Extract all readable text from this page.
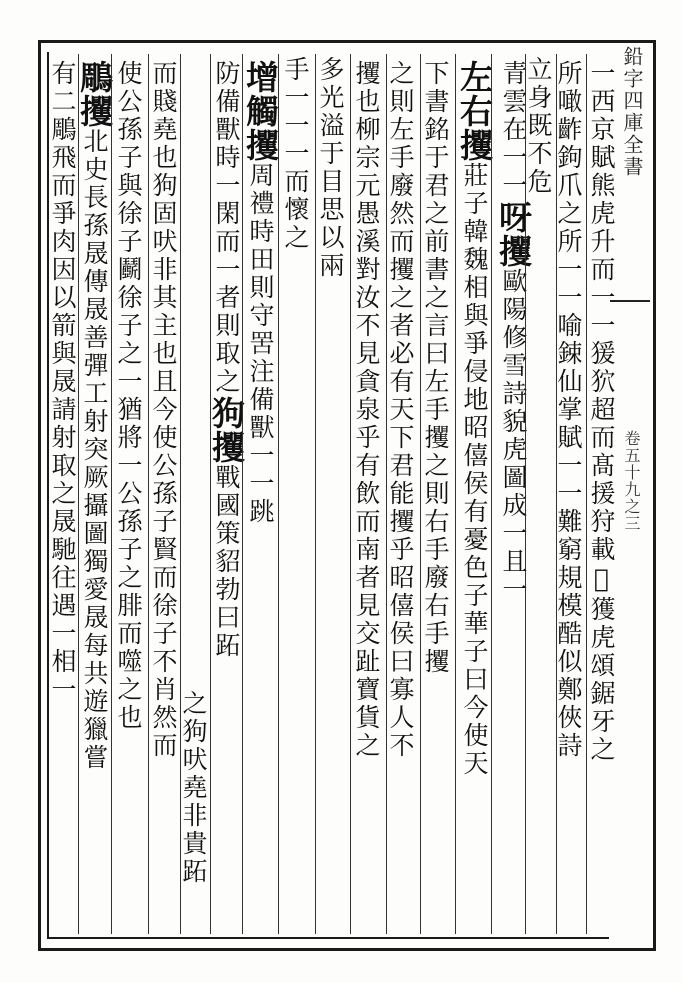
鉛字四庫全書
卷五十九之三
一西京賦熊虎升而一一猨狖超而髙援狩載𠲔獲虎頌鋸牙之
所噉齚鉤爪之所一一喻鋉仙掌賦一一難窮規模酷似鄭俠詩
立身既不危
青雲在一一呀攫歐陽修雪詩貌虎圖成一且一
左右攫莊子韓魏相與爭侵地昭僖侯有憂色子華子曰今使天
下書銘于君之前書之言曰左手攫之則右手廢右手攫
之則左手廢然而攫之者必有天下君能攫乎昭僖侯曰寡人不
攫也柳宗元愚溪對汝不見貪泉乎有飲而南者見交趾寶貨之
多光溢于目思以兩
手一一一而懷之
增觸攫周禮時田則守罟注備獸一一跳
防備獸時一閑而一者則取之狗攫戰國策貂勃曰跖
之狗吠堯非貴跖
而賤堯也狗固吠非其主也且今使公孫子賢而徐子不肖然而
使公孫子與徐子鬬徐子之一猶將一公孫子之腓而噬之也
鵰攫北史長孫晟傳晟善彈工射突厥攝圖獨愛晟每共遊獵嘗
有二鵰飛而爭肉因以箭與晟請射取之晟馳往遇一相一
